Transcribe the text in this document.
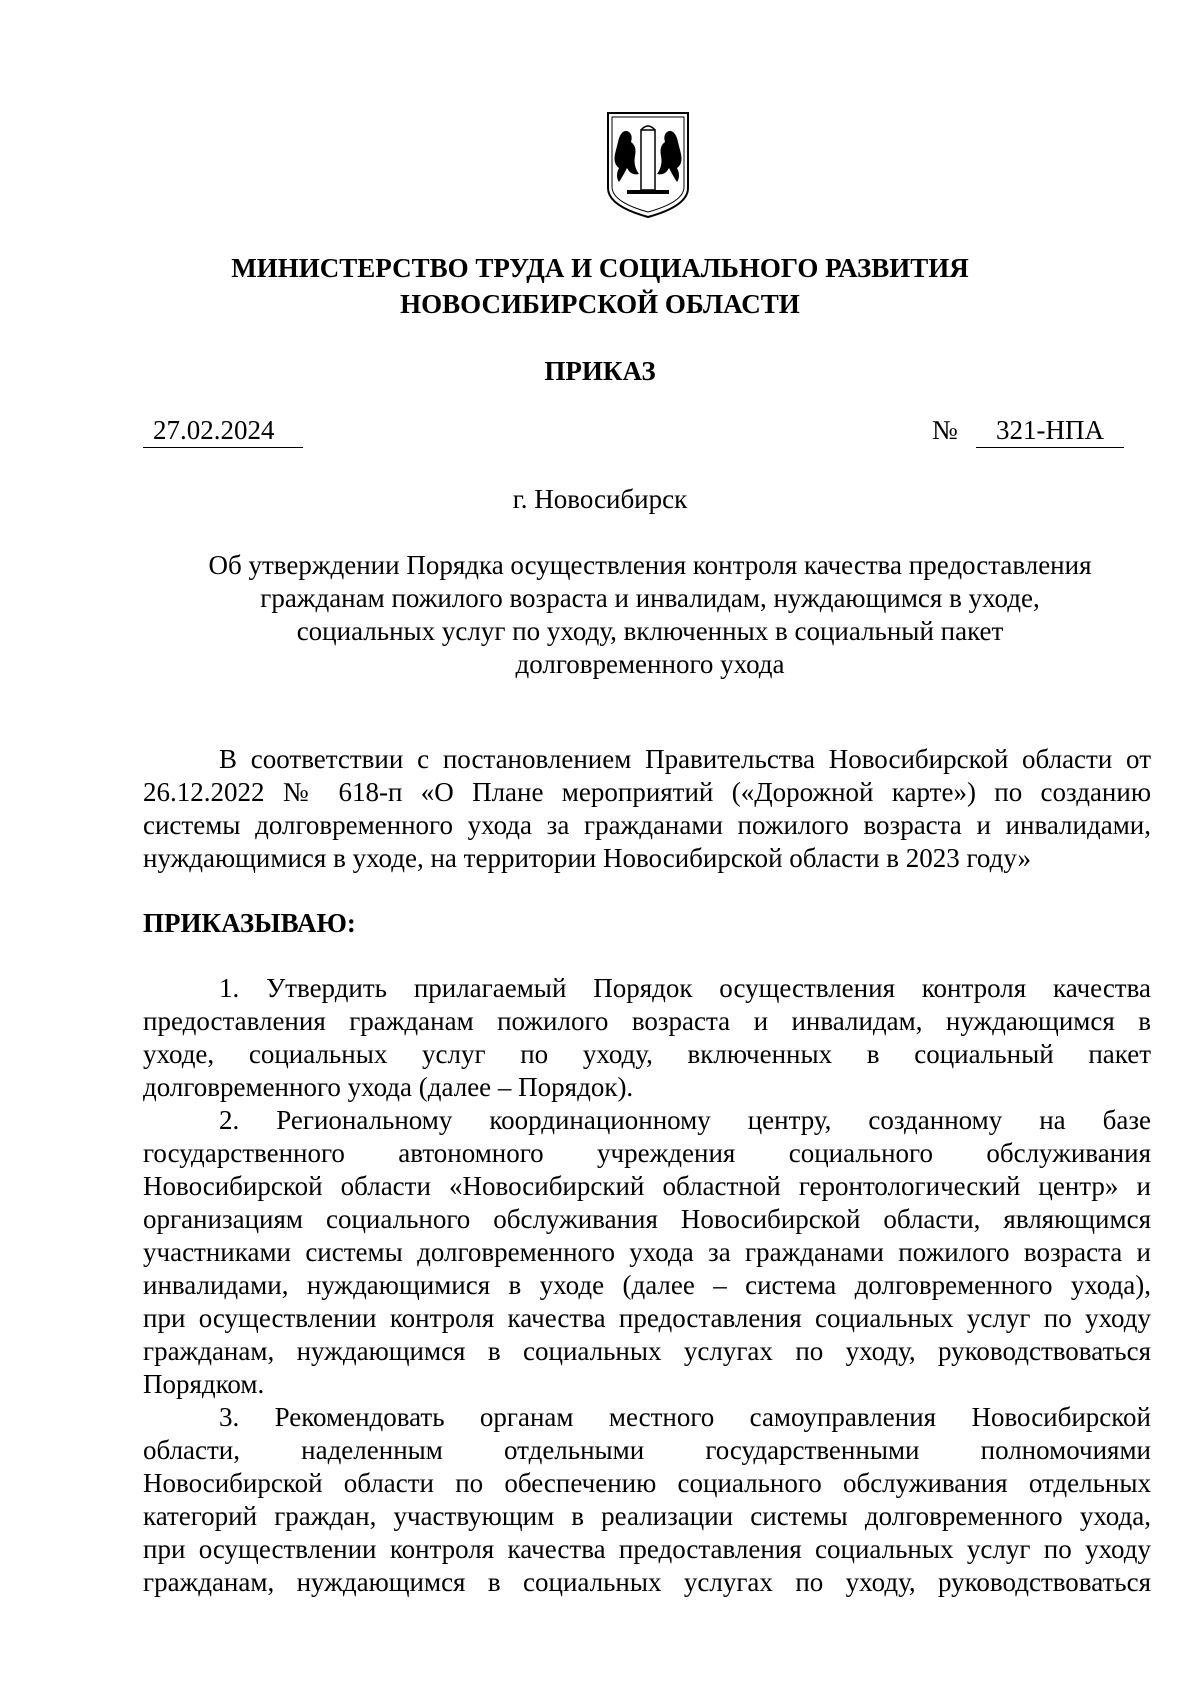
МИНИСТЕРСТВО ТРУДА И СОЦИАЛЬНОГО РАЗВИТИЯ
НОВОСИБИРСКОЙ ОБЛАСТИ
ПРИКАЗ
27.02.2024	№	321-НПА
г. Новосибирск
Об утверждении Порядка осуществления контроля качества предоставления
гражданам пожилого возраста и инвалидам, нуждающимся в уходе,
социальных услуг по уходу, включенных в социальный пакет
долговременного ухода
В соответствии с постановлением Правительства Новосибирской области от
26.12.2022 № 618-п «О Плане мероприятий («Дорожной карте») по созданию
системы долговременного ухода за гражданами пожилого возраста и инвалидами,
нуждающимися в уходе, на территории Новосибирской области в 2023 году»
ПРИКАЗЫВАЮ:
1. Утвердить прилагаемый Порядок осуществления контроля качества
предоставления гражданам пожилого возраста и инвалидам, нуждающимся в
уходе, социальных услуг по уходу, включенных в социальный пакет
долговременного ухода (далее – Порядок).
2. Региональному координационному центру, созданному на базе
государственного автономного учреждения социального обслуживания
Новосибирской области «Новосибирский областной геронтологический центр» и
организациям социального обслуживания Новосибирской области, являющимся
участниками системы долговременного ухода за гражданами пожилого возраста и
инвалидами, нуждающимися в уходе (далее – система долговременного ухода),
при осуществлении контроля качества предоставления социальных услуг по уходу
гражданам, нуждающимся в социальных услугах по уходу, руководствоваться
Порядком.
3. Рекомендовать органам местного самоуправления Новосибирской
области, наделенным отдельными государственными полномочиями
Новосибирской области по обеспечению социального обслуживания отдельных
категорий граждан, участвующим в реализации системы долговременного ухода,
при осуществлении контроля качества предоставления социальных услуг по уходу
гражданам, нуждающимся в социальных услугах по уходу, руководствоваться
